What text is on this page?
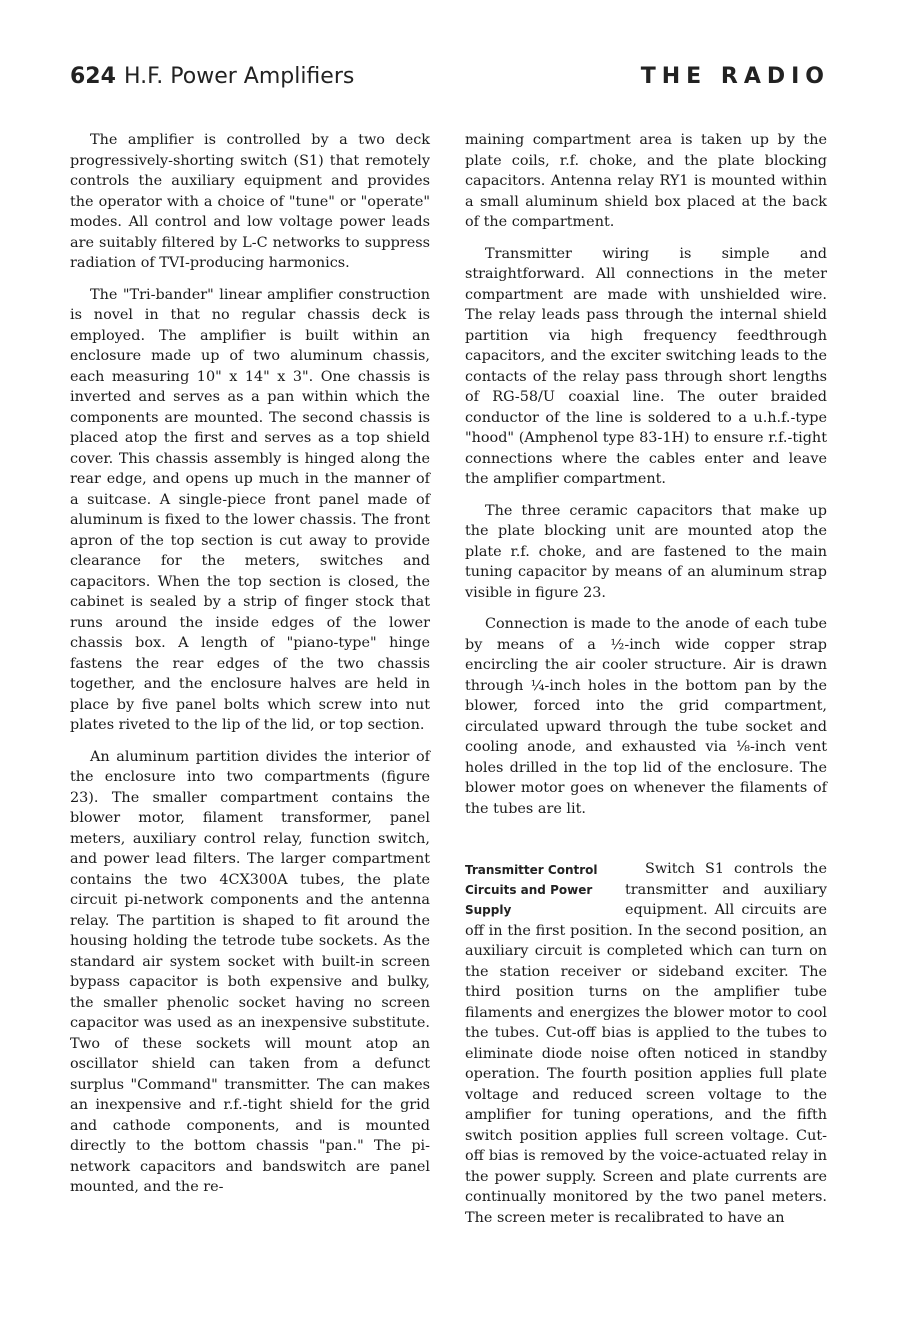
624 H.F. Power Amplifiers	THE RADIO

The amplifier is controlled by a two deck progressively-shorting switch (S1) that remotely controls the auxiliary equipment and provides the operator with a choice of "tune" or "operate" modes. All control and low voltage power leads are suitably filtered by L-C networks to suppress radiation of TVI-producing harmonics.

The "Tri-bander" linear amplifier construction is novel in that no regular chassis deck is employed. The amplifier is built within an enclosure made up of two aluminum chassis, each measuring 10" x 14" x 3". One chassis is inverted and serves as a pan within which the components are mounted. The second chassis is placed atop the first and serves as a top shield cover. This chassis assembly is hinged along the rear edge, and opens up much in the manner of a suitcase. A single-piece front panel made of aluminum is fixed to the lower chassis. The front apron of the top section is cut away to provide clearance for the meters, switches and capacitors. When the top section is closed, the cabinet is sealed by a strip of finger stock that runs around the inside edges of the lower chassis box. A length of "piano-type" hinge fastens the rear edges of the two chassis together, and the enclosure halves are held in place by five panel bolts which screw into nut plates riveted to the lip of the lid, or top section.

An aluminum partition divides the interior of the enclosure into two compartments (figure 23). The smaller compartment contains the blower motor, filament transformer, panel meters, auxiliary control relay, function switch, and power lead filters. The larger compartment contains the two 4CX300A tubes, the plate circuit pi-network components and the antenna relay. The partition is shaped to fit around the housing holding the tetrode tube sockets. As the standard air system socket with built-in screen bypass capacitor is both expensive and bulky, the smaller phenolic socket having no screen capacitor was used as an inexpensive substitute. Two of these sockets will mount atop an oscillator shield can taken from a defunct surplus "Command" transmitter. The can makes an inexpensive and r.f.-tight shield for the grid and cathode components, and is mounted directly to the bottom chassis "pan." The pi-network capacitors and bandswitch are panel mounted, and the re-

maining compartment area is taken up by the plate coils, r.f. choke, and the plate blocking capacitors. Antenna relay RY1 is mounted within a small aluminum shield box placed at the back of the compartment.

Transmitter wiring is simple and straightforward. All connections in the meter compartment are made with unshielded wire. The relay leads pass through the internal shield partition via high frequency feedthrough capacitors, and the exciter switching leads to the contacts of the relay pass through short lengths of RG-58/U coaxial line. The outer braided conductor of the line is soldered to a u.h.f.-type "hood" (Amphenol type 83-1H) to ensure r.f.-tight connections where the cables enter and leave the amplifier compartment.

The three ceramic capacitors that make up the plate blocking unit are mounted atop the plate r.f. choke, and are fastened to the main tuning capacitor by means of an aluminum strap visible in figure 23.

Connection is made to the anode of each tube by means of a ½-inch wide copper strap encircling the air cooler structure. Air is drawn through ¼-inch holes in the bottom pan by the blower, forced into the grid compartment, circulated upward through the tube socket and cooling anode, and exhausted via ⅛-inch vent holes drilled in the top lid of the enclosure. The blower motor goes on whenever the filaments of the tubes are lit.

Transmitter Control Circuits and Power Supply

Switch S1 controls the transmitter and auxiliary equipment. All circuits are off in the first position. In the second position, an auxiliary circuit is completed which can turn on the station receiver or sideband exciter. The third position turns on the amplifier tube filaments and energizes the blower motor to cool the tubes. Cut-off bias is applied to the tubes to eliminate diode noise often noticed in standby operation. The fourth position applies full plate voltage and reduced screen voltage to the amplifier for tuning operations, and the fifth switch position applies full screen voltage. Cut-off bias is removed by the voice-actuated relay in the power supply. Screen and plate currents are continually monitored by the two panel meters. The screen meter is recalibrated to have an
